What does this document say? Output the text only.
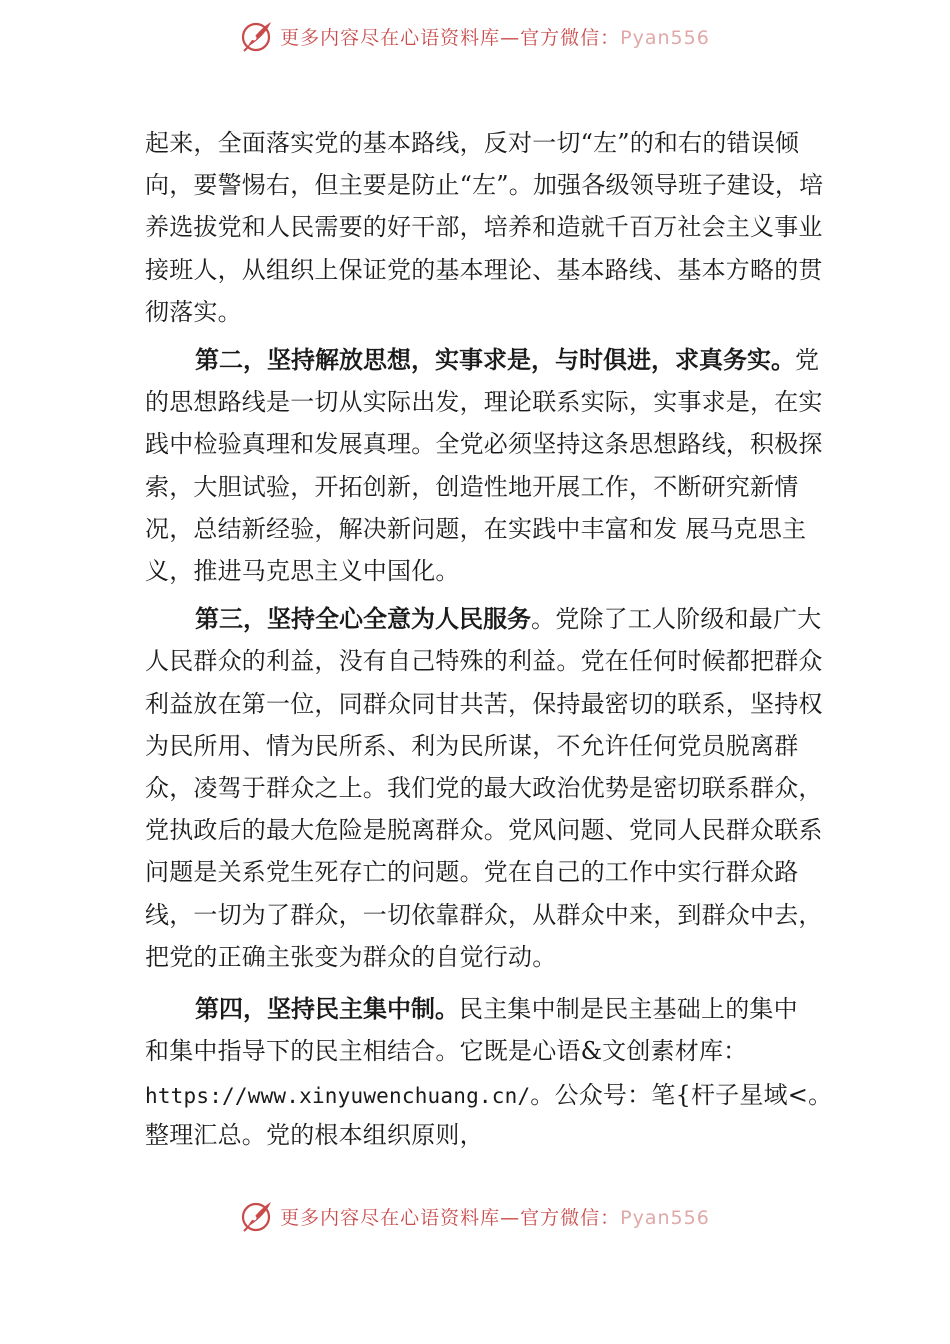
更多内容尽在心语资料库—官方微信：Pyan556

起来，全面落实党的基本路线，反对一切“左”的和右的错误倾向，要警惕右，但主要是防止“左”。加强各级领导班子建设，培养选拔党和人民需要的好干部，培养和造就千百万社会主义事业接班人，从组织上保证党的基本理论、基本路线、基本方略的贯彻落实。

第二，坚持解放思想，实事求是，与时俱进，求真务实。党的思想路线是一切从实际出发，理论联系实际，实事求是，在实践中检验真理和发展真理。全党必须坚持这条思想路线，积极探索，大胆试验，开拓创新，创造性地开展工作，不断研究新情况，总结新经验，解决新问题，在实践中丰富和发 展马克思主义，推进马克思主义中国化。

第三，坚持全心全意为人民服务。党除了工人阶级和最广大人民群众的利益，没有自己特殊的利益。党在任何时候都把群众利益放在第一位，同群众同甘共苦，保持最密切的联系，坚持权为民所用、情为民所系、利为民所谋，不允许任何党员脱离群众，凌驾于群众之上。我们党的最大政治优势是密切联系群众，党执政后的最大危险是脱离群众。党风问题、党同人民群众联系问题是关系党生死存亡的问题。党在自己的工作中实行群众路线，一切为了群众，一切依靠群众，从群众中来，到群众中去，把党的正确主张变为群众的自觉行动。

第四，坚持民主集中制。民主集中制是民主基础上的集中和集中指导下的民主相结合。它既是心语&文创素材库：

https://www.xinyuwenchuang.cn/。公众号：笔{杆子星域<。

整理汇总。党的根本组织原则，

更多内容尽在心语资料库—官方微信：Pyan556
